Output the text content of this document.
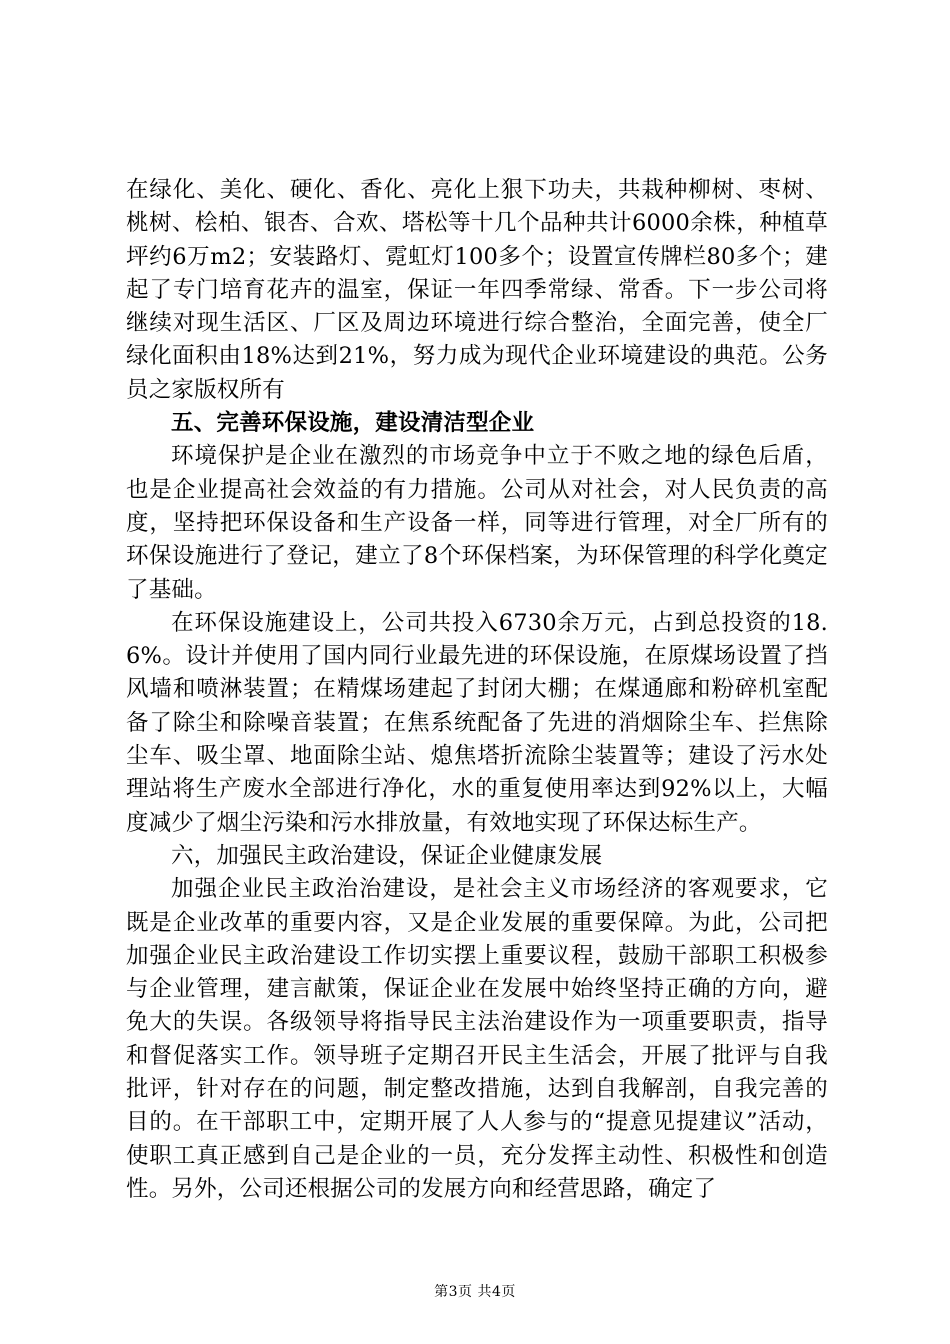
在绿化、美化、硬化、香化、亮化上狠下功夫，共栽种柳树、枣树、桃树、桧柏、银杏、合欢、塔松等十几个品种共计6000余株，种植草坪约6万m2；安装路灯、霓虹灯100多个；设置宣传牌栏80多个；建起了专门培育花卉的温室，保证一年四季常绿、常香。下一步公司将继续对现生活区、厂区及周边环境进行综合整治，全面完善，使全厂绿化面积由18%达到21%，努力成为现代企业环境建设的典范。公务员之家版权所有

五、完善环保设施，建设清洁型企业

环境保护是企业在激烈的市场竞争中立于不败之地的绿色后盾，也是企业提高社会效益的有力措施。公司从对社会，对人民负责的高度，坚持把环保设备和生产设备一样，同等进行管理，对全厂所有的环保设施进行了登记，建立了8个环保档案，为环保管理的科学化奠定了基础。

在环保设施建设上，公司共投入6730余万元，占到总投资的18.6%。设计并使用了国内同行业最先进的环保设施，在原煤场设置了挡风墙和喷淋装置；在精煤场建起了封闭大棚；在煤通廊和粉碎机室配备了除尘和除噪音装置；在焦系统配备了先进的消烟除尘车、拦焦除尘车、吸尘罩、地面除尘站、熄焦塔折流除尘装置等；建设了污水处理站将生产废水全部进行净化，水的重复使用率达到92%以上，大幅度减少了烟尘污染和污水排放量，有效地实现了环保达标生产。

六，加强民主政治建设，保证企业健康发展

加强企业民主政治治建设，是社会主义市场经济的客观要求，它既是企业改革的重要内容，又是企业发展的重要保障。为此，公司把加强企业民主政治建设工作切实摆上重要议程，鼓励干部职工积极参与企业管理，建言献策，保证企业在发展中始终坚持正确的方向，避免大的失误。各级领导将指导民主法治建设作为一项重要职责，指导和督促落实工作。领导班子定期召开民主生活会，开展了批评与自我批评，针对存在的问题，制定整改措施，达到自我解剖，自我完善的目的。在干部职工中，定期开展了人人参与的“提意见提建议”活动，使职工真正感到自己是企业的一员，充分发挥主动性、积极性和创造性。另外，公司还根据公司的发展方向和经营思路，确定了

第3页 共4页
